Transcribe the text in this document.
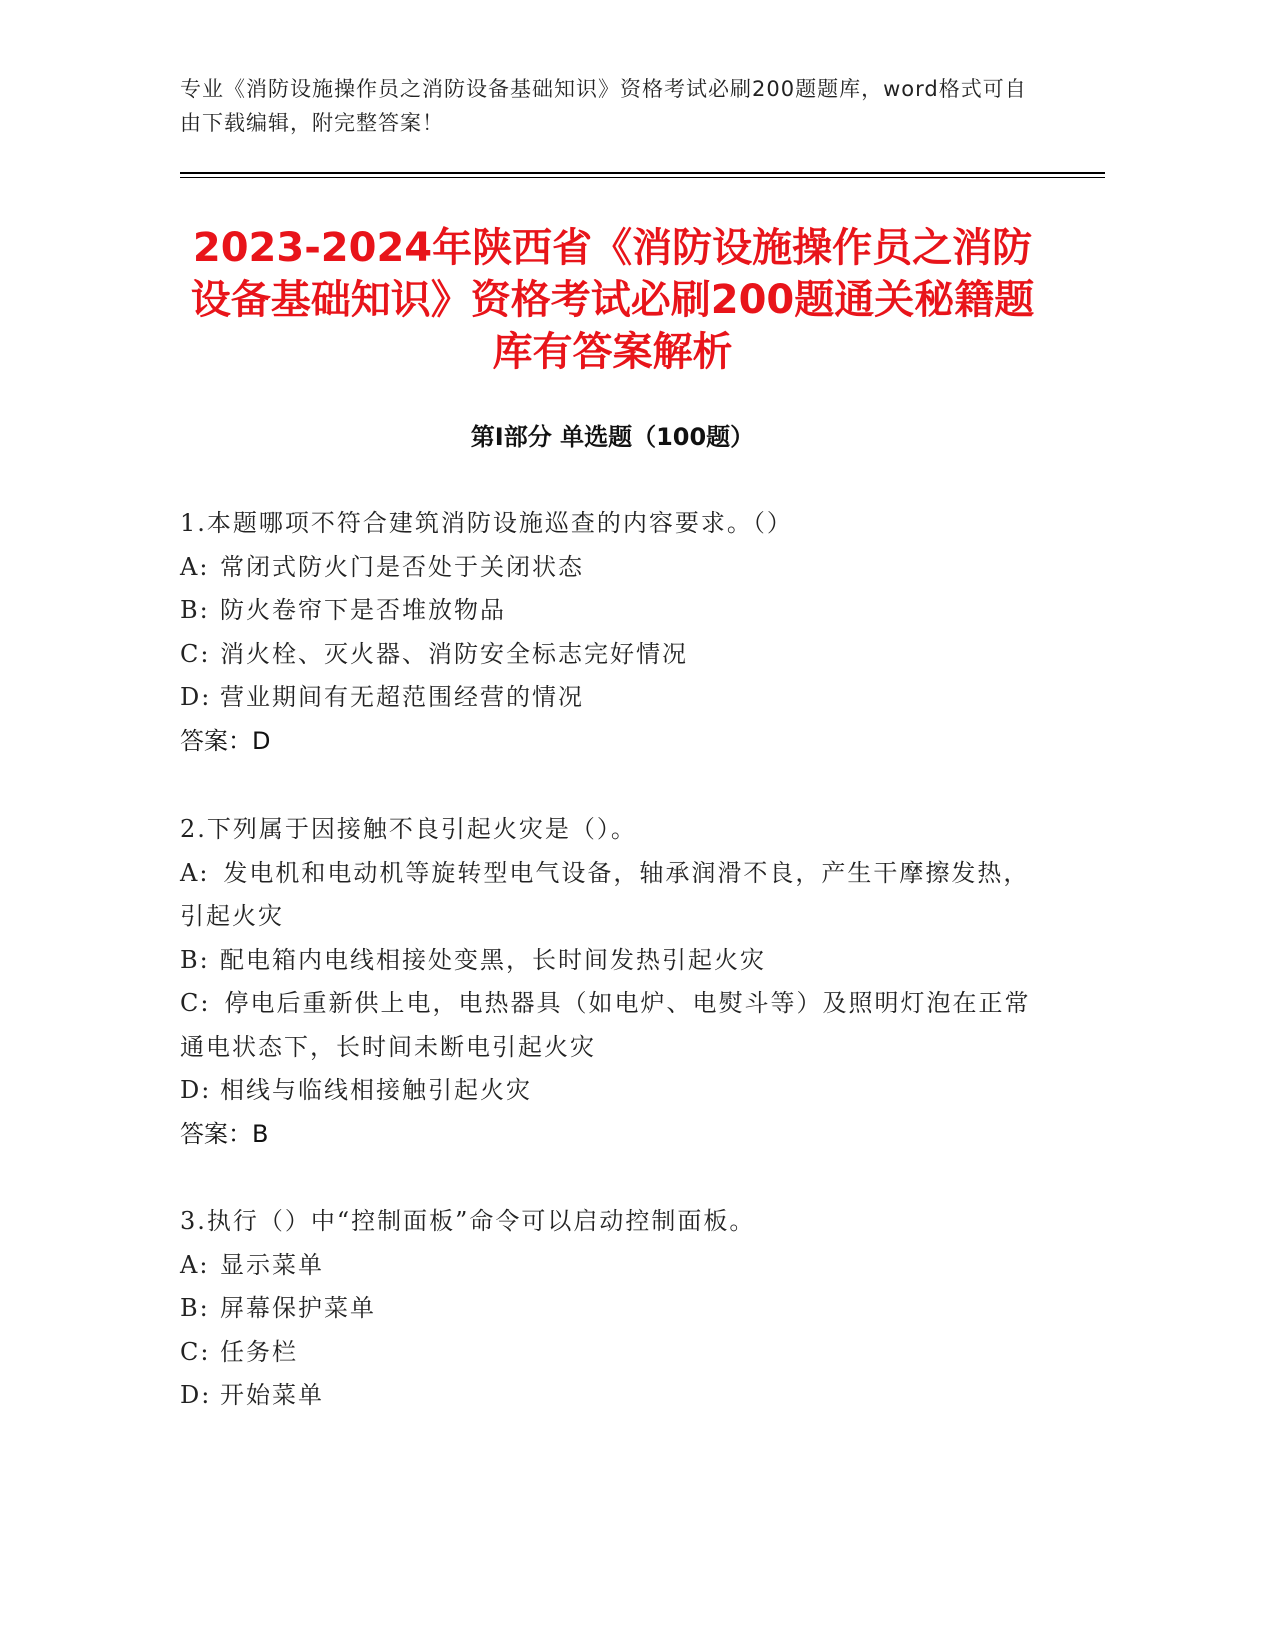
专业《消防设施操作员之消防设备基础知识》资格考试必刷200题题库，word格式可自由下载编辑，附完整答案！
2023-2024年陕西省《消防设施操作员之消防设备基础知识》资格考试必刷200题通关秘籍题库有答案解析
第Ⅰ部分 单选题（100题）
1.本题哪项不符合建筑消防设施巡查的内容要求。（）
A: 常闭式防火门是否处于关闭状态
B: 防火卷帘下是否堆放物品
C: 消火栓、灭火器、消防安全标志完好情况
D: 营业期间有无超范围经营的情况
答案：D
2.下列属于因接触不良引起火灾是（）。
A: 发电机和电动机等旋转型电气设备，轴承润滑不良，产生干摩擦发热，引起火灾
B: 配电箱内电线相接处变黑，长时间发热引起火灾
C: 停电后重新供上电，电热器具（如电炉、电熨斗等）及照明灯泡在正常通电状态下，长时间未断电引起火灾
D: 相线与临线相接触引起火灾
答案：B
3.执行（）中“控制面板”命令可以启动控制面板。
A: 显示菜单
B: 屏幕保护菜单
C: 任务栏
D: 开始菜单
